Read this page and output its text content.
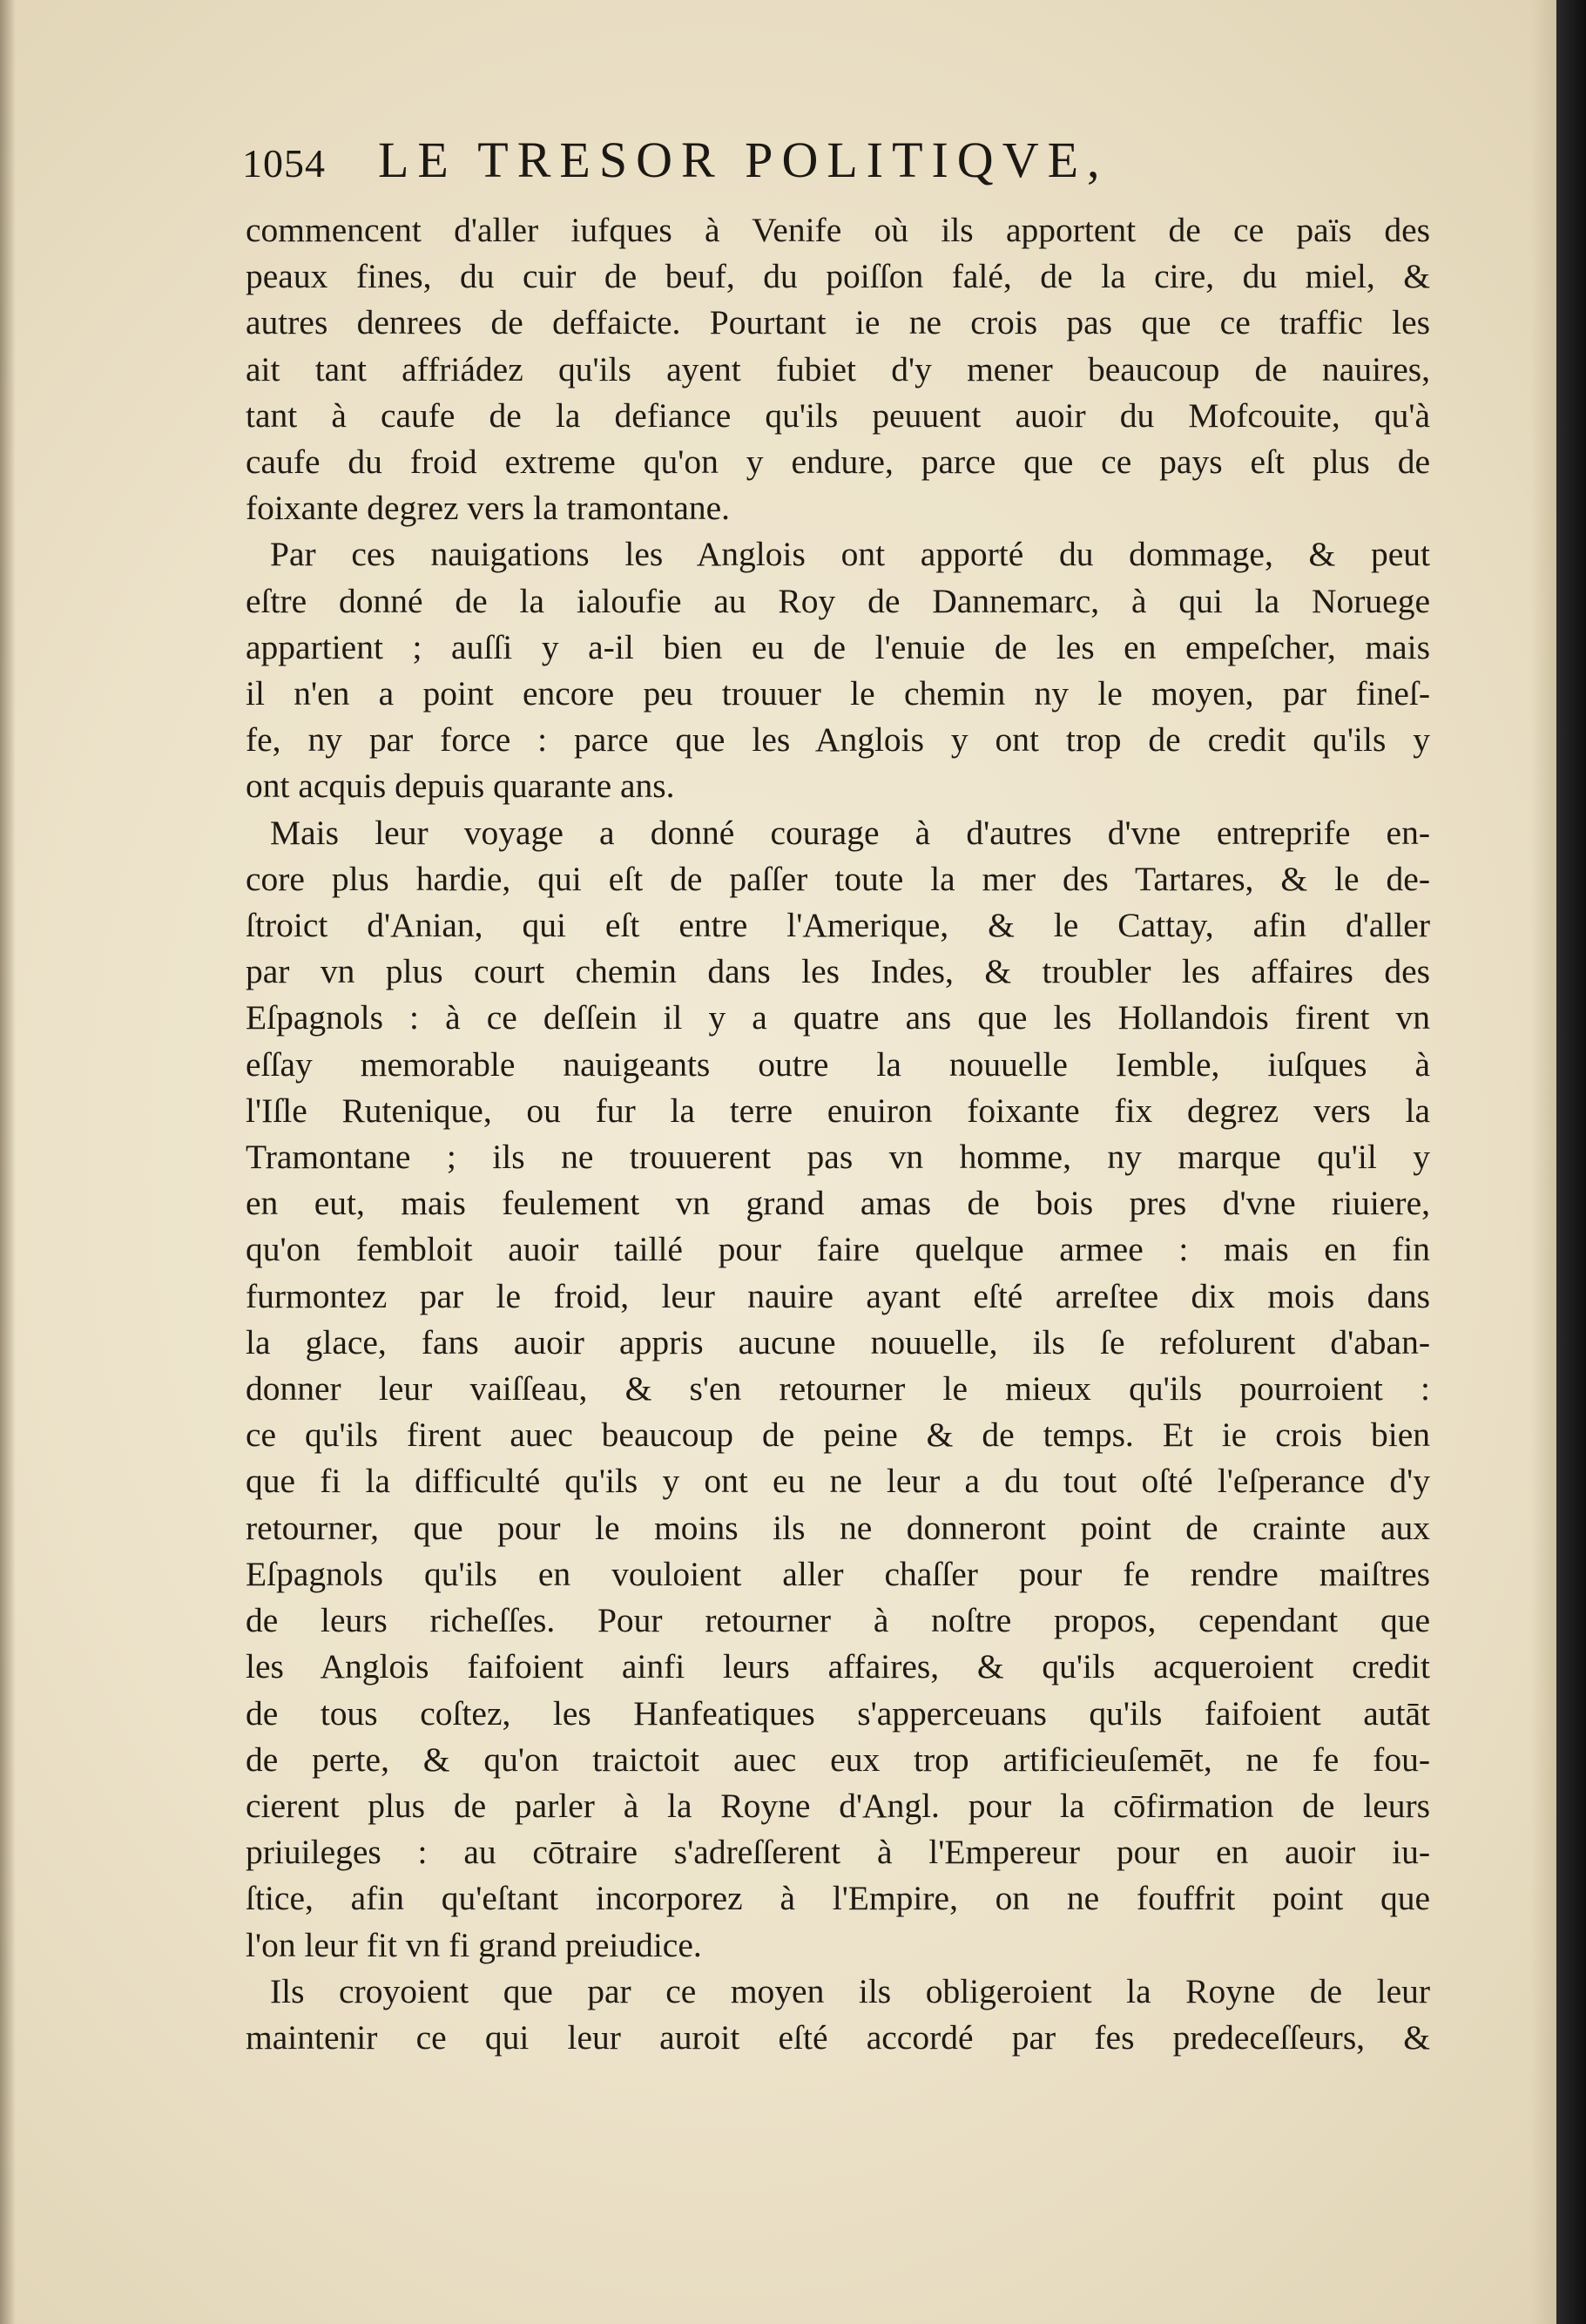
1054 LE TRESOR POLITIQVE,
commencent d'aller iufques à Venife où ils apportent de ce païs des
peaux fines, du cuir de beuf, du poiſſon falé, de la cire, du miel, &
autres denrees de deffaicte. Pourtant ie ne crois pas que ce traffic les
ait tant affriádez qu'ils ayent fubiet d'y mener beaucoup de nauires,
tant à caufe de la defiance qu'ils peuuent auoir du Mofcouite, qu'à
caufe du froid extreme qu'on y endure, parce que ce pays eſt plus de
foixante degrez vers la tramontane.
Par ces nauigations les Anglois ont apporté du dommage, & peut
eſtre donné de la ialoufie au Roy de Dannemarc, à qui la Noruege
appartient ; auſſi y a-il bien eu de l'enuie de les en empeſcher, mais
il n'en a point encore peu trouuer le chemin ny le moyen, par fineſ-
fe, ny par force : parce que les Anglois y ont trop de credit qu'ils y
ont acquis depuis quarante ans.
Mais leur voyage a donné courage à d'autres d'vne entreprife en-
core plus hardie, qui eſt de paſſer toute la mer des Tartares, & le de-
ſtroict d'Anian, qui eſt entre l'Amerique, & le Cattay, afin d'aller
par vn plus court chemin dans les Indes, & troubler les affaires des
Eſpagnols : à ce deſſein il y a quatre ans que les Hollandois firent vn
eſſay memorable nauigeants outre la nouuelle Iemble, iuſques à
l'Iſle Rutenique, ou fur la terre enuiron foixante fix degrez vers la
Tramontane ; ils ne trouuerent pas vn homme, ny marque qu'il y
en eut, mais feulement vn grand amas de bois pres d'vne riuiere,
qu'on fembloit auoir taillé pour faire quelque armee : mais en fin
furmontez par le froid, leur nauire ayant eſté arreſtee dix mois dans
la glace, fans auoir appris aucune nouuelle, ils ſe refolurent d'aban-
donner leur vaiſſeau, & s'en retourner le mieux qu'ils pourroient :
ce qu'ils firent auec beaucoup de peine & de temps. Et ie crois bien
que fi la difficulté qu'ils y ont eu ne leur a du tout oſté l'eſperance d'y
retourner, que pour le moins ils ne donneront point de crainte aux
Eſpagnols qu'ils en vouloient aller chaſſer pour fe rendre maiſtres
de leurs richeſſes. Pour retourner à noſtre propos, cependant que
les Anglois faifoient ainfi leurs affaires, & qu'ils acqueroient credit
de tous coſtez, les Hanfeatiques s'apperceuans qu'ils faifoient autāt
de perte, & qu'on traictoit auec eux trop artificieuſemēt, ne fe fou-
cierent plus de parler à la Royne d'Angl. pour la cōfirmation de leurs
priuileges : au cōtraire s'adreſſerent à l'Empereur pour en auoir iu-
ſtice, afin qu'eſtant incorporez à l'Empire, on ne fouffrit point que
l'on leur fit vn fi grand preiudice.
Ils croyoient que par ce moyen ils obligeroient la Royne de leur
maintenir ce qui leur auroit eſté accordé par fes predeceſſeurs, &
